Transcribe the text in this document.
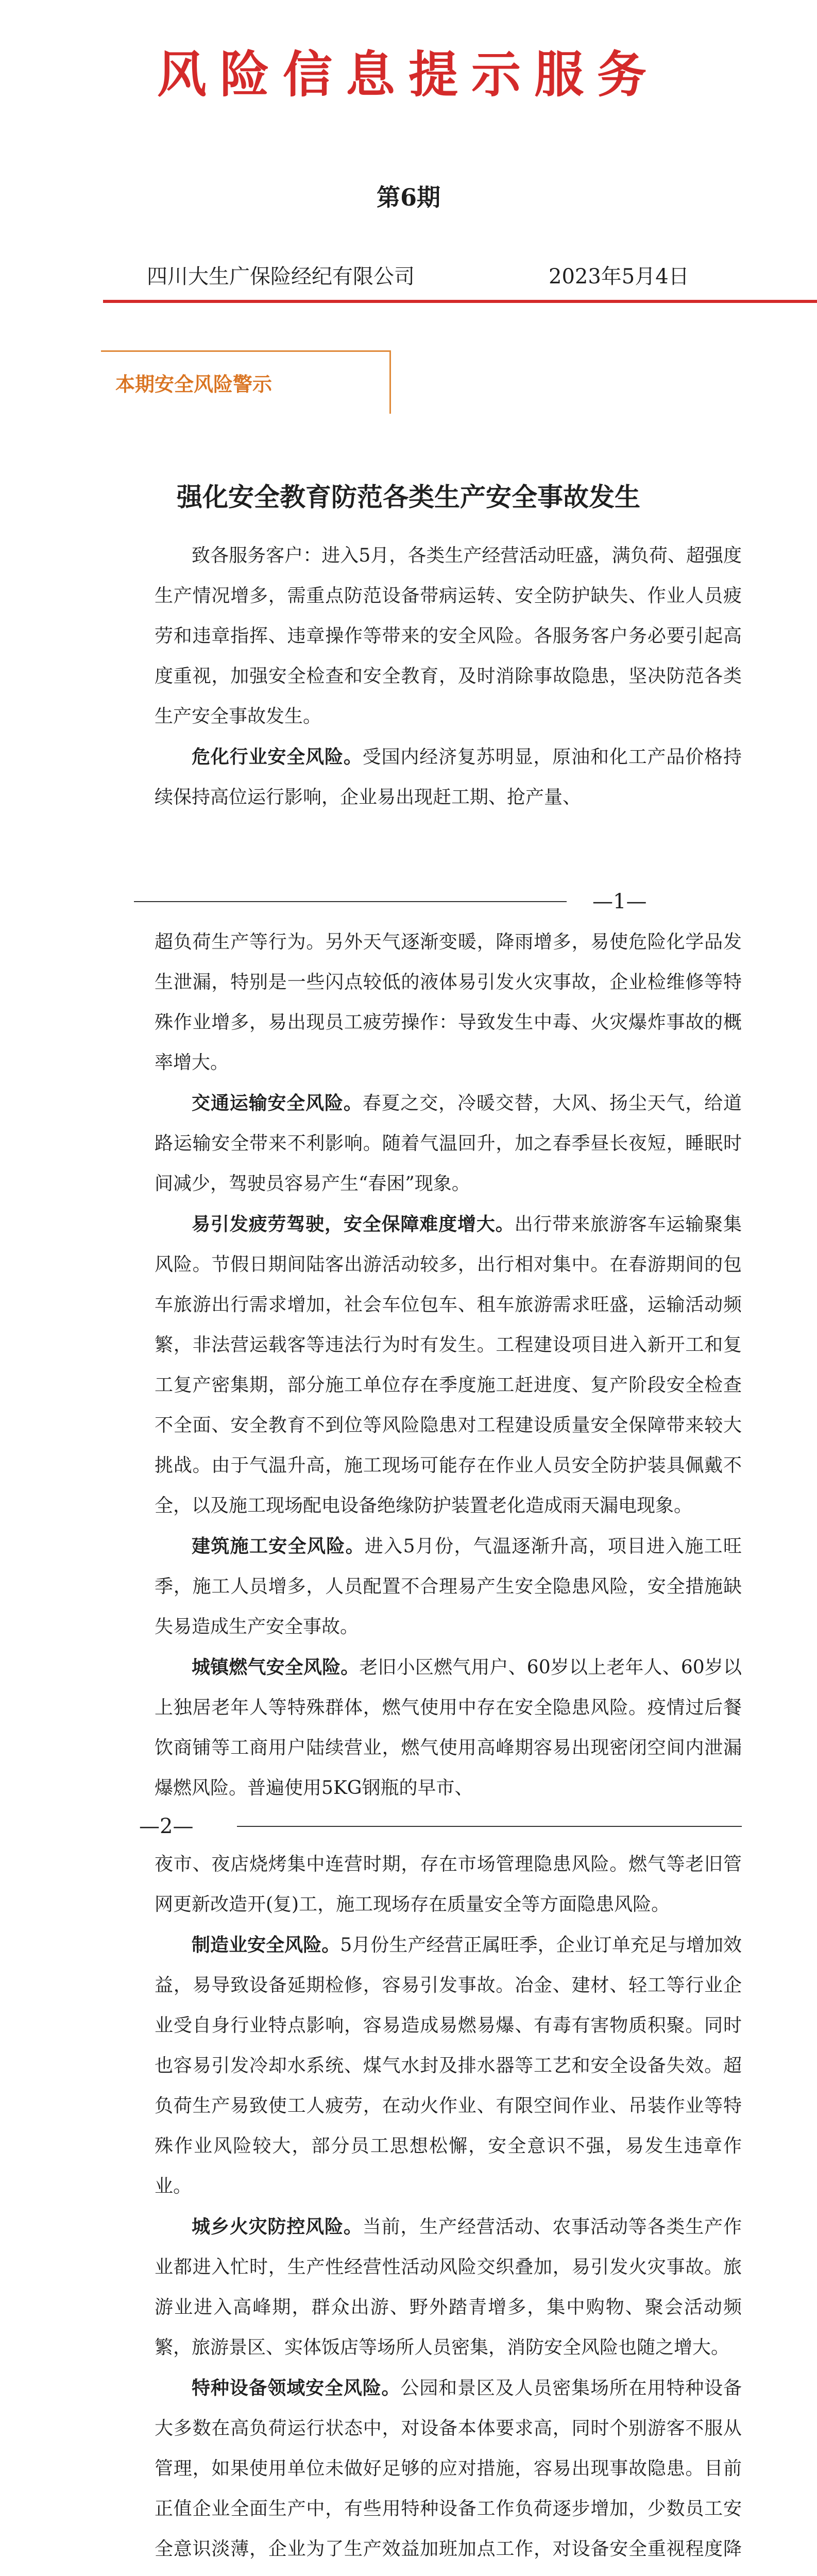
风险信息提示服务
第6期
四川大生广保险经纪有限公司	2023年5月4日
本期安全风险警示
强化安全教育防范各类生产安全事故发生

致各服务客户：进入5月，各类生产经营活动旺盛，满负荷、超强度生产情况增多，需重点防范设备带病运转、安全防护缺失、作业人员疲劳和违章指挥、违章操作等带来的安全风险。各服务客户务必要引起高度重视，加强安全检查和安全教育，及时消除事故隐患，坚决防范各类生产安全事故发生。

危化行业安全风险。受国内经济复苏明显，原油和化工产品价格持续保持高位运行影响，企业易出现赶工期、抢产量、

—1—

超负荷生产等行为。另外天气逐渐变暖，降雨增多，易使危险化学品发生泄漏，特别是一些闪点较低的液体易引发火灾事故，企业检维修等特殊作业增多，易出现员工疲劳操作：导致发生中毒、火灾爆炸事故的概率增大。

交通运输安全风险。春夏之交，冷暖交替，大风、扬尘天气，给道路运输安全带来不利影响。随着气温回升，加之春季昼长夜短，睡眠时间减少，驾驶员容易产生“春困”现象。

易引发疲劳驾驶，安全保障难度增大。出行带来旅游客车运输聚集风险。节假日期间陆客出游活动较多，出行相对集中。在春游期间的包车旅游出行需求增加，社会车位包车、租车旅游需求旺盛，运输活动频繁，非法营运载客等违法行为时有发生。工程建设项目进入新开工和复工复产密集期，部分施工单位存在季度施工赶进度、复产阶段安全检查不全面、安全教育不到位等风险隐患对工程建设质量安全保障带来较大挑战。由于气温升高，施工现场可能存在作业人员安全防护装具佩戴不全，以及施工现场配电设备绝缘防护装置老化造成雨天漏电现象。

建筑施工安全风险。进入5月份，气温逐渐升高，项目进入施工旺季，施工人员增多，人员配置不合理易产生安全隐患风险，安全措施缺失易造成生产安全事故。

城镇燃气安全风险。老旧小区燃气用户、60岁以上老年人、60岁以上独居老年人等特殊群体，燃气使用中存在安全隐患风险。疫情过后餐饮商铺等工商用户陆续营业，燃气使用高峰期容易出现密闭空间内泄漏爆燃风险。普遍使用5KG钢瓶的早市、

—2—

夜市、夜店烧烤集中连营时期，存在市场管理隐患风险。燃气等老旧管网更新改造开(复)工，施工现场存在质量安全等方面隐患风险。

制造业安全风险。5月份生产经营正属旺季，企业订单充足与增加效益，易导致设备延期检修，容易引发事故。冶金、建材、轻工等行业企业受自身行业特点影响，容易造成易燃易爆、有毒有害物质积聚。同时也容易引发冷却水系统、煤气水封及排水器等工艺和安全设备失效。超负荷生产易致使工人疲劳，在动火作业、有限空间作业、吊装作业等特殊作业风险较大，部分员工思想松懈，安全意识不强，易发生违章作业。

城乡火灾防控风险。当前，生产经营活动、农事活动等各类生产作业都进入忙时，生产性经营性活动风险交织叠加，易引发火灾事故。旅游业进入高峰期，群众出游、野外踏青增多，集中购物、聚会活动频繁，旅游景区、实体饭店等场所人员密集，消防安全风险也随之增大。

特种设备领域安全风险。公园和景区及人员密集场所在用特种设备大多数在高负荷运行状态中，对设备本体要求高，同时个别游客不服从管理，如果使用单位未做好足够的应对措施，容易出现事故隐患。目前正值企业全面生产中，有些用特种设备工作负荷逐步增加，少数员工安全意识淡薄，企业为了生产效益加班加点工作，对设备安全重视程度降
